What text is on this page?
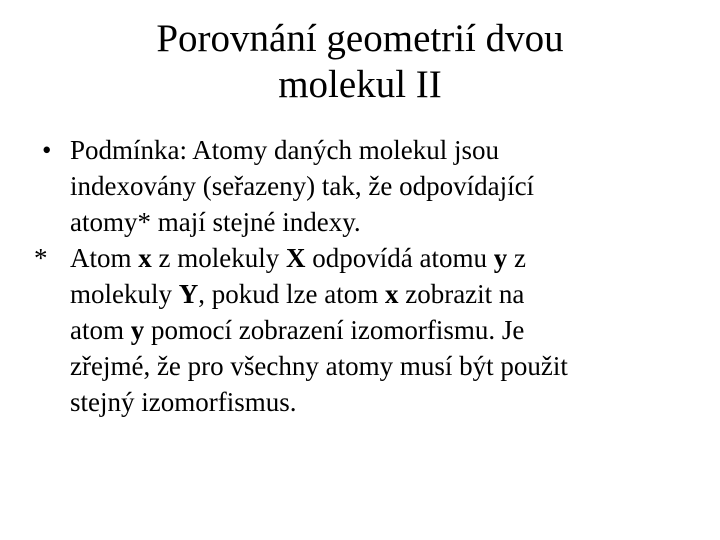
Porovnání geometrií dvou
molekul II
• Podmínka: Atomy daných molekul jsou
indexovány (seřazeny) tak, že odpovídající
atomy* mají stejné indexy.
* Atom x z molekuly X odpovídá atomu y z
molekuly Y, pokud lze atom x zobrazit na
atom y pomocí zobrazení izomorfismu. Je
zřejmé, že pro všechny atomy musí být použit
stejný izomorfismus.
